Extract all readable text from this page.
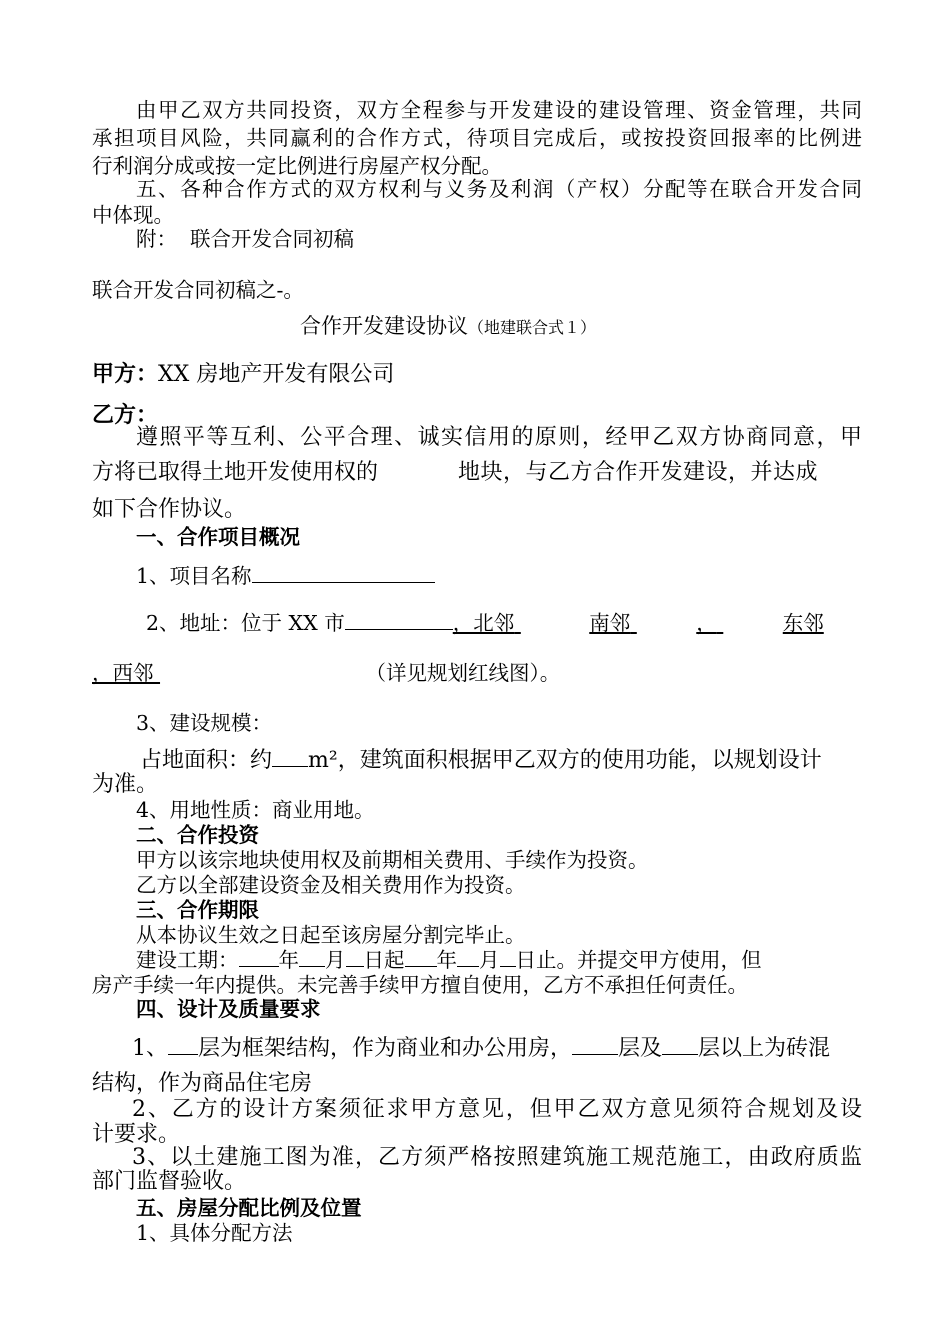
由甲乙双方共同投资，双方全程参与开发建设的建设管理、资金管理，共同
承担项目风险，共同赢利的合作方式，待项目完成后，或按投资回报率的比例进
行利润分成或按一定比例进行房屋产权分配。
五、各种合作方式的双方权利与义务及利润（产权）分配等在联合开发合同
中体现。
附：  联合开发合同初稿
联合开发合同初稿之-。
合作开发建设协议（地建联合式１）
甲方：XX 房地产开发有限公司
乙方：
遵照平等互利、公平合理、诚实信用的原则，经甲乙双方协商同意，甲
方将已取得土地开发使用权的	地块，与乙方合作开发建设，并达成
如下合作协议。
一、合作项目概况
1、项目名称
2、地址：位于 XX 市	，北邻	南邻	，	东邻
，西邻	（详见规划红线图）。
3、建设规模：
占地面积：约 m²，建筑面积根据甲乙双方的使用功能，以规划设计
为准。
4、用地性质：商业用地。
二、合作投资
甲方以该宗地块使用权及前期相关费用、手续作为投资。
乙方以全部建设资金及相关费用作为投资。
三、合作期限
从本协议生效之日起至该房屋分割完毕止。
建设工期： 年 月 日起 年 月 日止。并提交甲方使用，但
房产手续一年内提供。未完善手续甲方擅自使用，乙方不承担任何责任。
四、设计及质量要求
1、 层为框架结构，作为商业和办公用房， 层及 层以上为砖混
结构，作为商品住宅房
2、乙方的设计方案须征求甲方意见，但甲乙双方意见须符合规划及设
计要求。
3、以土建施工图为准，乙方须严格按照建筑施工规范施工，由政府质监
部门监督验收。
五、房屋分配比例及位置
1、具体分配方法
